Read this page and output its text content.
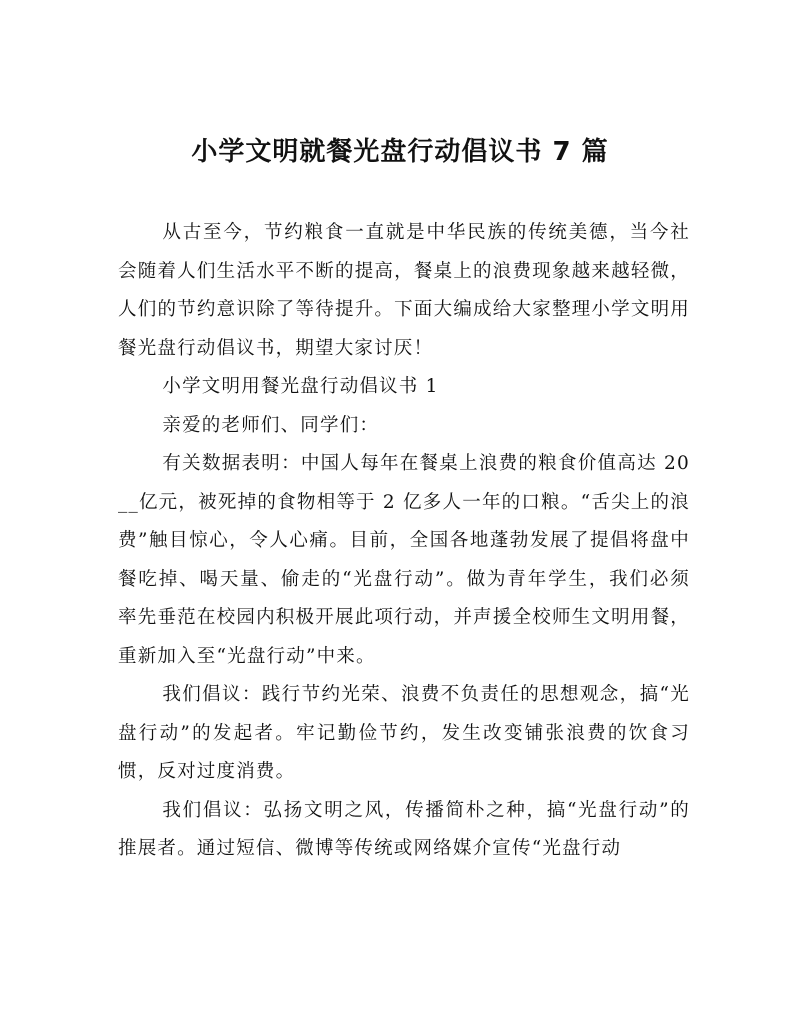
小学文明就餐光盘行动倡议书 7 篇

从古至今，节约粮食一直就是中华民族的传统美德，当今社会随着人们生活水平不断的提高，餐桌上的浪费现象越来越轻微，人们的节约意识除了等待提升。下面大编成给大家整理小学文明用餐光盘行动倡议书，期望大家讨厌！

小学文明用餐光盘行动倡议书 1

亲爱的老师们、同学们：

有关数据表明：中国人每年在餐桌上浪费的粮食价值高达 20__亿元，被死掉的食物相等于 2 亿多人一年的口粮。“舌尖上的浪费”触目惊心，令人心痛。目前，全国各地蓬勃发展了提倡将盘中餐吃掉、喝天量、偷走的“光盘行动”。做为青年学生，我们必须率先垂范在校园内积极开展此项行动，并声援全校师生文明用餐，重新加入至“光盘行动”中来。

我们倡议：践行节约光荣、浪费不负责任的思想观念，搞“光盘行动”的发起者。牢记勤俭节约，发生改变铺张浪费的饮食习惯，反对过度消费。

我们倡议：弘扬文明之风，传播简朴之种，搞“光盘行动”的推展者。通过短信、微博等传统或网络媒介宣传“光盘行动
